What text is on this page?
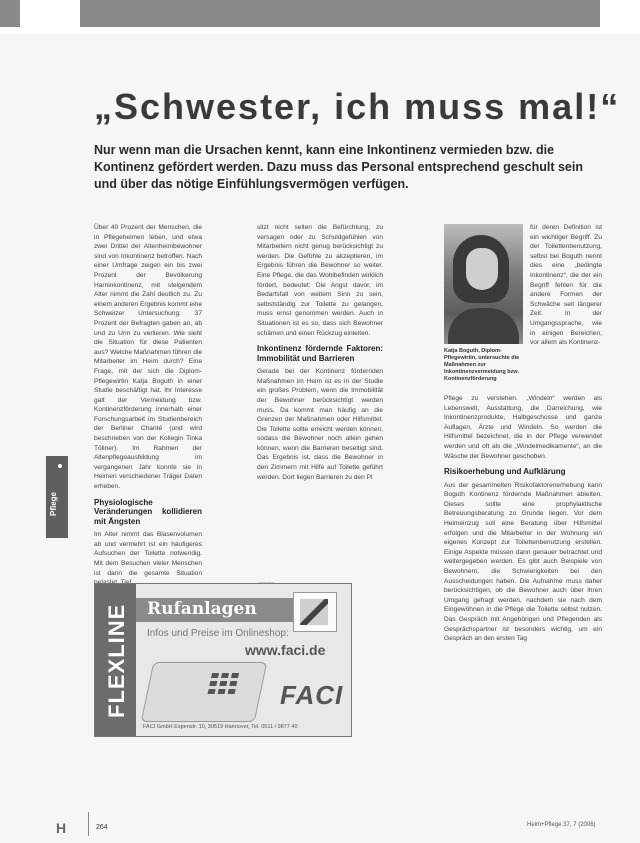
„Schwester, ich muss mal!“
Nur wenn man die Ursachen kennt, kann eine Inkontinenz vermieden bzw. die Kontinenz gefördert werden. Dazu muss das Personal entsprechend geschult sein und über das nötige Einfühlungsvermögen verfügen.

Über 40 Prozent der Menschen, die in Pflegeheimen leben, und etwa zwei Drittel der Altenheimbewohner sind von Inkontinenz betroffen. Nach einer Umfrage zeigen ein bis zwei Prozent der Bevölkerung Harninkontinenz, mit steigendem Alter nimmt die Zahl deutlich zu. Zu einem anderen Ergebnis kommt eine Schweizer Untersuchung: 37 Prozent der Befragten gaben an, ab und zu Urin zu verlieren. Wie sieht die Situation für diese Patienten aus? Welche Maßnahmen führen die Mitarbeiter im Heim durch? Eine Frage, mit der sich die Diplom-Pflegewirtin Katja Boguth in einer Studie beschäftigt hat. Ihr Interesse galt der Vermeidung bzw. Kontinenzförderung innerhalb einer Forschungsarbeit im Studienbereich der Berliner Charité (und wird beschrieben von der Kollegin Tinka Töllner). Im Rahmen der Altenpflegeausbildung im vergangenen Jahr konnte sie in Heimen verschiedener Träger Daten erheben.

Physiologische Veränderungen kollidieren mit Ängsten

Im Alter nimmt das Blasenvolumen ab und vermehrt ist ein häufigeres Aufsuchen der Toilette notwendig. Mit dem Besuchen vieler Menschen ist dann die gesamte Situation

sitzt nicht selten die Befürchtung, zu versagen oder zu Schuldgefühlen von Mitarbeitern nicht genug berücksichtigt zu werden. Die Gefühle zu akzeptieren, im Ergebnis führen die Bewohner so weiter. Eine Pflege, die das Wohlbefinden wirklich fördert, bedeutet: Die Angst davor, im Bedarfsfall von weitem Sinn zu sein, selbstständig zur Toilette zu gelangen, muss ernst genommen werden. Auch in Situationen ist es so, dass sich Bewohner schämen und einen Rückzug einleiten.

Inkontinenz fördernde Faktoren: Immobilität und Barrieren

Gerade bei der Kontinenz fördernden Maßnahmen im Heim ist es in der Studie ein großes Problem, wenn die Immobilität der Bewohner berücksichtigt werden muss. Da kommt man häufig an die Grenzen der Maßnahmen oder Hilfsmittel. Die Toilette sollte erreicht werden können, sodass die Bewohner noch allein gehen können, wenn die Barrieren beseitigt sind. Das Ergebnis ist, dass die Bewohner in den Zimmern mit Hilfe auf Toilette geführt werden. Dort liegen Barrieren zu den Pl

Katja Boguth, Diplom-Pflegewirtin, untersuchte die Maßnahmen zur Inkontinenzvermeidung bzw. Kontinenzförderung

für deren Definition ist ein wichtiger Begriff. Zu der Toilettenbenutzung, selbst bei Boguth nennt dies eine „bedingte Inkontinenz“, die der ein Begriff fehlen für die andere Formen der Schwäche seit längerer Zeit. In der Umgangssprache, wie in einigen Bereichen, vor allem als Kontinenz-

Pflege zu verstehen. „Windeln“ werden als Lebenswelt, Ausstattung, die Darreichung, wie Inkontinenzprodukte, Halbgeschosse und ganze Auflagen, Ärzte und Windeln. So werden die Hilfsmittel bezeichnet, die in der Pflege verwendet werden und oft als die „Windelmedikamente“, an die Wäsche der Bewohner geschoben.

Risikoerhebung und Aufklärung

Aus der gesammelten Risikofaktorenerhebung kann Boguth Kontinenz fördernde Maßnahmen ableiten. Dieses sollte eine prophylaktische Betreuungsberatung zu Grunde liegen. Vor dem Heimeinzug soll eine Beratung über Hilfsmittel erfolgen und die Mitarbeiter in der Wohnung ein eigenes Konzept zur Toilettenbenutzung erstellen. Einige Aspekte müssen dann genauer betrachtet und weitergegeben werden. Es gibt auch Beispiele von Bewohnern, die Schwierigkeiten bei den Ausscheidungen haben. Die Aufnahme muss daher berücksichtigen, ob die Bewohner auch über ihren Umgang gefragt werden, nachdem sie nach dem Eingewöhnen in die Pflege die Toilette selbst nutzen. Das Gespräch mit Angehörigen und Pflegenden als Gesprächspartner ist besonders wichtig, um ein Gespräch an den ersten Tag

Pflege
FLEXLINE Rufanlagen
Infos und Preise im Onlineshop:
www.faci.de
FACI
FACI GmbH Espenstr. 10, 30519 Hannover, Tel. 0511 / 9877 40
H	264	Heim+Pflege 37, 7 (2006)
